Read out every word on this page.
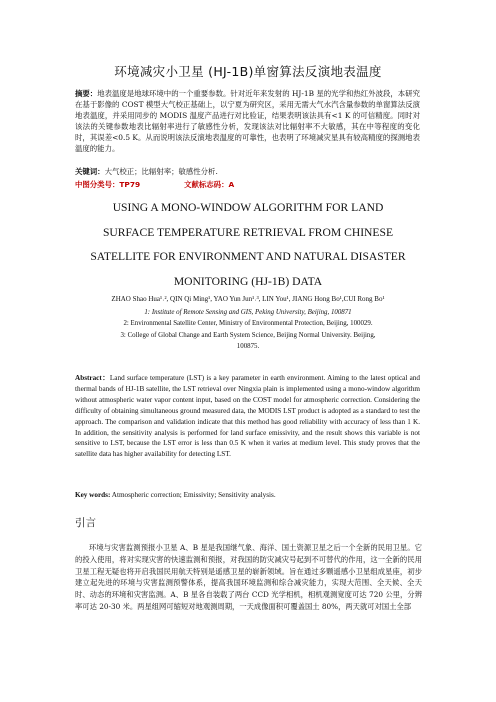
环境减灾小卫星 (HJ-1B)单窗算法反演地表温度
摘要：地表温度是地球环境中的一个重要参数。针对近年来发射的 HJ-1B 星的光学和热红外波段，本研究在基于影像的 COST 模型大气校正基础上，以宁夏为研究区，采用无需大气水汽含量参数的单窗算法反演地表温度，并采用同步的 MODIS 温度产品进行对比验证，结果表明该法具有<1 K 的可信精度。同时对该法的关键参数地表比辐射率进行了敏感性分析，发现该法对比辐射率不大敏感，其在中等程度的变化时，其误差<0.5 K。从而说明该法反演地表温度的可靠性，也表明了环境减灾星具有较高精度的探测地表温度的能力。
关键词：大气校正；比辐射率；敏感性分析.
中图分类号：TP79	文献标志码：A
USING A MONO-WINDOW ALGORITHM FOR LAND
SURFACE TEMPERATURE RETRIEVAL FROM CHINESE
SATELLITE FOR ENVIRONMENT AND NATURAL DISASTER
MONITORING (HJ-1B) DATA
ZHAO Shao Hua¹˒², QIN Qi Ming¹, YAO Yun Jun¹˒³, LIN You¹, JIANG Hong Bo¹,CUI Rong Bo¹
1: Institute of Remote Sensing and GIS, Peking University, Beijing, 100871
2: Environmental Satellite Center, Ministry of Environmental Protection, Beijing, 100029.
3: College of Global Change and Earth System Science, Beijing Normal University. Beijing,
100875.
Abstract：Land surface temperature (LST) is a key parameter in earth environment. Aiming to the latest optical and thermal bands of HJ-1B satellite, the LST retrieval over Ningxia plain is implemented using a mono-window algorithm without atmospheric water vapor content input, based on the COST model for atmospheric correction. Considering the difficulty of obtaining simultaneous ground measured data, the MODIS LST product is adopted as a standard to test the approach. The comparison and validation indicate that this method has good reliability with accuracy of less than 1 K. In addition, the sensitivity analysis is performed for land surface emissivity, and the result shows this variable is not sensitive to LST, because the LST error is less than 0.5 K when it varies at medium level. This study proves that the satellite data has higher availability for detecting LST.
Key words: Atmospheric correction; Emissivity; Sensitivity analysis.
引言
环境与灾害监测预报小卫星 A、B 星是我国继气象、海洋、国土资源卫星之后一个全新的民用卫星。它的投入使用，将对实现灾害的快速监测和预报，对我国的防灾减灾号起到不可替代的作用，这一全新的民用卫星工程无疑也将开启我国民用航天特别是遥感卫星的崭新领域。旨在通过多颗遥感小卫星组成星座，初步建立起先进的环境与灾害监测预警体系，提高我国环境监测和综合减灾能力，实现大范围、全天候、全天时、动态的环境和灾害监测。A、B 星各自装载了两台 CCD 光学相机，相机观测宽度可达 720 公里，分辨率可达 20-30 米。两星组网可缩短对地观测周期，一天成像面积可覆盖国土 80%，两天就可对国土全部
